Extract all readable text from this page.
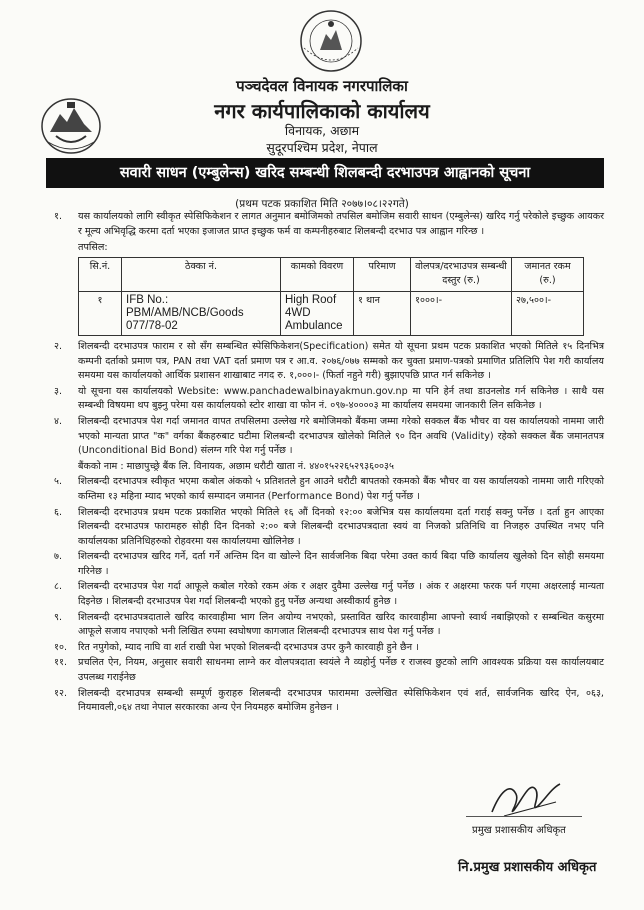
पञ्चदेवल विनायक नगरपालिका
नगर कार्यपालिकाको कार्यालय
विनायक, अछाम
सुदूरपश्चिम प्रदेश, नेपाल
सवारी साधन (एम्बुलेन्स) खरिद सम्बन्धी शिलबन्दी दरभाउपत्र आह्वानको सूचना
(प्रथम पटक प्रकाशित मिति २०७७।०८।२२गते)
१.	यस कार्यालयको लागि स्वीकृत स्पेसिफिकेशन र लागत अनुमान बमोजिमको तपसिल बमोजिम सवारी साधन (एम्बुलेन्स) खरिद गर्नु परेकोले इच्छुक आयकर र मूल्य अभिवृद्धि करमा दर्ता भएका इजाजत प्राप्त इच्छुक फर्म वा कम्पनीहरुबाट शिलबन्दी दरभाउ पत्र आह्वान गरिन्छ ।
तपसिल:
सि.नं.	ठेक्का नं.	कामको विवरण	परिमाण	वोलपत्र/दरभाउपत्र सम्बन्धी दस्तुर (रु.)	जमानत रकम (रु.)
१	IFB No.: PBM/AMB/NCB/Goods 077/78-02	High Roof 4WD Ambulance	१ थान	१०००।-	२७,५००।-
२.	शिलबन्दी दरभाउपत्र फाराम र सो सँग सम्बन्धित स्पेसिफिकेशन(Specification) समेत यो सूचना प्रथम पटक प्रकाशित भएको मितिले १५ दिनभित्र कम्पनी दर्ताको प्रमाण पत्र, PAN तथा VAT दर्ता प्रमाण पत्र र आ.व. २०७६/०७७ सम्मको कर चुक्ता प्रमाण-पत्रको प्रमाणित प्रतिलिपि पेश गरी कार्यालय समयमा यस कार्यालयको आर्थिक प्रशासन शाखाबाट नगद रु. १,०००।- (फिर्ता नहुने गरी) बुझाएपछि प्राप्त गर्न सकिनेछ ।
३.	यो सूचना यस कार्यालयको Website: www.panchadewalbinayakmun.gov.np मा पनि हेर्न तथा डाउनलोड गर्न सकिनेछ । साथै यस सम्बन्धी विषयमा थप बुझ्नु परेमा यस कार्यालयको स्टोर शाखा वा फोन नं. ०९७-४००००३ मा कार्यालय समयमा जानकारी लिन सकिनेछ ।
४.	शिलबन्दी दरभाउपत्र पेश गर्दा जमानत वापत तपसिलमा उल्लेख गरे बमोजिमको बैंकमा जम्मा गरेको सक्कल बैंक भौचर वा यस कार्यालयको नाममा जारी भएको मान्यता प्राप्त "क" वर्गका बैंकहरुबाट घटीमा शिलबन्दी दरभाउपत्र खोलेको मितिले ९० दिन अवधि (Validity) रहेको सक्कल बैंक जमानतपत्र (Unconditional Bid Bond) संलग्न गरि पेश गर्नु पर्नेछ ।
बैंकको नाम : माछापुच्छ्रे बैंक लि. विनायक, अछाम धरौटी खाता नं. ४४०१५२२६५२९३६००३५
५.	शिलबन्दी दरभाउपत्र स्वीकृत भएमा कबोल अंकको ५ प्रतिशतले हुन आउने धरौटी बापतको रकमको बैंक भौचर वा यस कार्यालयको नाममा जारी गरिएको कम्तिमा १३ महिना म्याद भएको कार्य सम्पादन जमानत (Performance Bond) पेश गर्नु पर्नेछ ।
६.	शिलबन्दी दरभाउपत्र प्रथम पटक प्रकाशित भएको मितिले १६ औं दिनको १२:०० बजेभित्र यस कार्यालयमा दर्ता गराई सक्नु पर्नेछ । दर्ता हुन आएका शिलबन्दी दरभाउपत्र फारामहरु सोही दिन दिनको २:०० बजे शिलबन्दी दरभाउपत्रदाता स्वयं वा निजको प्रतिनिधि वा निजहरु उपस्थित नभए पनि कार्यालयका प्रतिनिधिहरुको रोहवरमा यस कार्यालयमा खोलिनेछ ।
७.	शिलबन्दी दरभाउपत्र खरिद गर्ने, दर्ता गर्ने अन्तिम दिन वा खोल्ने दिन सार्वजनिक बिदा परेमा उक्त कार्य बिदा पछि कार्यालय खुलेको दिन सोही समयमा गरिनेछ ।
८.	शिलबन्दी दरभाउपत्र पेश गर्दा आफूले कबोल गरेको रकम अंक र अक्षर दुवैमा उल्लेख गर्नु पर्नेछ । अंक र अक्षरमा फरक पर्न गएमा अक्षरलाई मान्यता दिइनेछ । शिलबन्दी दरभाउपत्र पेश गर्दा शिलबन्दी भएको हुनु पर्नेछ अन्यथा अस्वीकार्य हुनेछ ।
९.	शिलबन्दी दरभाउपत्रदाताले खरिद कारवाहीमा भाग लिन अयोग्य नभएको, प्रस्तावित खरिद कारवाहीमा आफ्नो स्वार्थ नबाझिएको र सम्बन्धित कसुरमा आफूले सजाय नपाएको भनी लिखित रुपमा स्वघोषणा कागजात शिलबन्दी दरभाउपत्र साथ पेश गर्नु पर्नेछ ।
१०.	रित नपुगेको, म्याद नाघि वा शर्त राखी पेश भएको शिलबन्दी दरभाउपत्र उपर कुनै कारवाही हुने छैन ।
११.	प्रचलित ऐन, नियम, अनुसार सवारी साधनमा लाग्ने कर वोलपत्रदाता स्वयंले नै व्यहोर्नु पर्नेछ र राजस्व छुटको लागि आवश्यक प्रक्रिया यस कार्यालयबाट उपलब्ध गराईनेछ
१२.	शिलबन्दी दरभाउपत्र सम्बन्धी सम्पूर्ण कुराहरु शिलबन्दी दरभाउपत्र फाराममा उल्लेखित स्पेसिफिकेशन एवं शर्त, सार्वजनिक खरिद ऐन, ०६३, नियमावली,०६४ तथा नेपाल सरकारका अन्य ऐन नियमहरु बमोजिम हुनेछन ।
प्रमुख प्रशासकीय अधिकृत
नि.प्रमुख प्रशासकीय अधिकृत
